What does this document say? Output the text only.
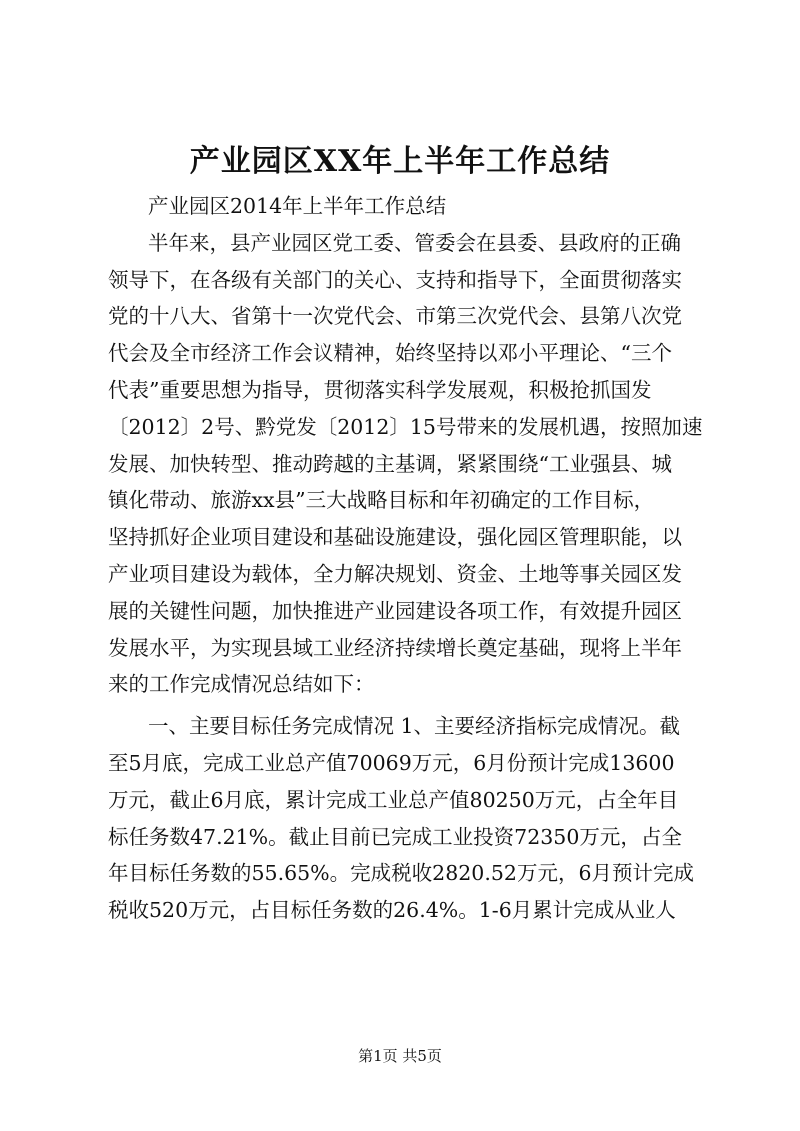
产业园区XX年上半年工作总结
产业园区2014年上半年工作总结
半年来，县产业园区党工委、管委会在县委、县政府的正确
领导下，在各级有关部门的关心、支持和指导下，全面贯彻落实
党的十八大、省第十一次党代会、市第三次党代会、县第八次党
代会及全市经济工作会议精神，始终坚持以邓小平理论、“三个
代表”重要思想为指导，贯彻落实科学发展观，积极抢抓国发
〔2012〕2号、黔党发〔2012〕15号带来的发展机遇，按照加速
发展、加快转型、推动跨越的主基调，紧紧围绕“工业强县、城
镇化带动、旅游xx县”三大战略目标和年初确定的工作目标，
坚持抓好企业项目建设和基础设施建设，强化园区管理职能，以
产业项目建设为载体，全力解决规划、资金、土地等事关园区发
展的关键性问题，加快推进产业园建设各项工作，有效提升园区
发展水平，为实现县域工业经济持续增长奠定基础，现将上半年
来的工作完成情况总结如下：
一、主要目标任务完成情况 1、主要经济指标完成情况。截
至5月底，完成工业总产值70069万元，6月份预计完成13600
万元，截止6月底，累计完成工业总产值80250万元，占全年目
标任务数47.21%。截止目前已完成工业投资72350万元，占全
年目标任务数的55.65%。完成税收2820.52万元，6月预计完成
税收520万元，占目标任务数的26.4%。1-6月累计完成从业人
第1页 共5页
